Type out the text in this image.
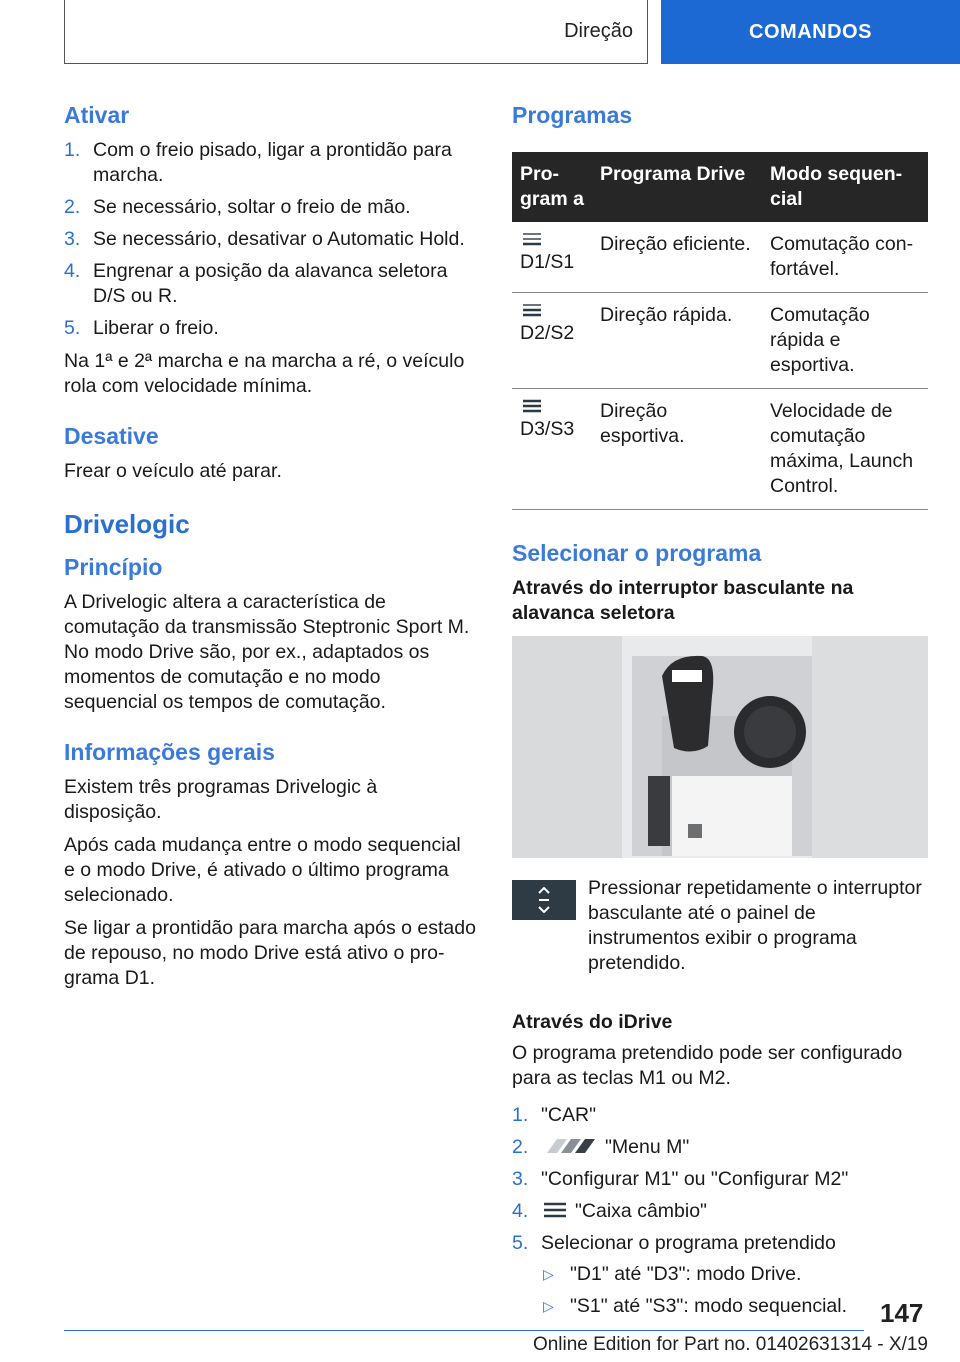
Direção	COMANDOS
Ativar
1. Com o freio pisado, ligar a prontidão para marcha.
2. Se necessário, soltar o freio de mão.
3. Se necessário, desativar o Automatic Hold.
4. Engrenar a posição da alavanca seletora D/S ou R.
5. Liberar o freio.

Na 1ª e 2ª marcha e na marcha a ré, o veículo rola com velocidade mínima.

Desative

Frear o veículo até parar.

Drivelogic
Princípio

A Drivelogic altera a característica de comutação da transmissão Steptronic Sport M. No modo Drive são, por ex., adaptados os momentos de comutação e no modo sequencial os tempos de comutação.

Informações gerais

Existem três programas Drivelogic à disposição.

Após cada mudança entre o modo sequencial e o modo Drive, é ativado o último programa selecionado.

Se ligar a prontidão para marcha após o estado de repouso, no modo Drive está ativo o programa D1.

Programas
Program a	Programa Drive	Modo sequencial

D1/S1	Direção eficiente.	Comutação confortável.

D2/S2	Direção rápida.	Comutação rápida e esportiva.

D3/S3	Direção esportiva.	Velocidade de comutação máxima, Launch Control.
Selecionar o programa
Através do interruptor basculante na alavanca seletora

Pressionar repetidamente o interruptor basculante até o painel de instrumentos exibir o programa pretendido.

Através do iDrive

O programa pretendido pode ser configurado para as teclas M1 ou M2.

1. "CAR"
2.	"Menu M"
3. "Configurar M1" ou "Configurar M2"
4. "Caixa câmbio"
5. Selecionar o programa pretendido
▷ "D1" até "D3": modo Drive.
▷ "S1" até "S3": modo sequencial.	147
Online Edition for Part no. 01402631314 - X/19
